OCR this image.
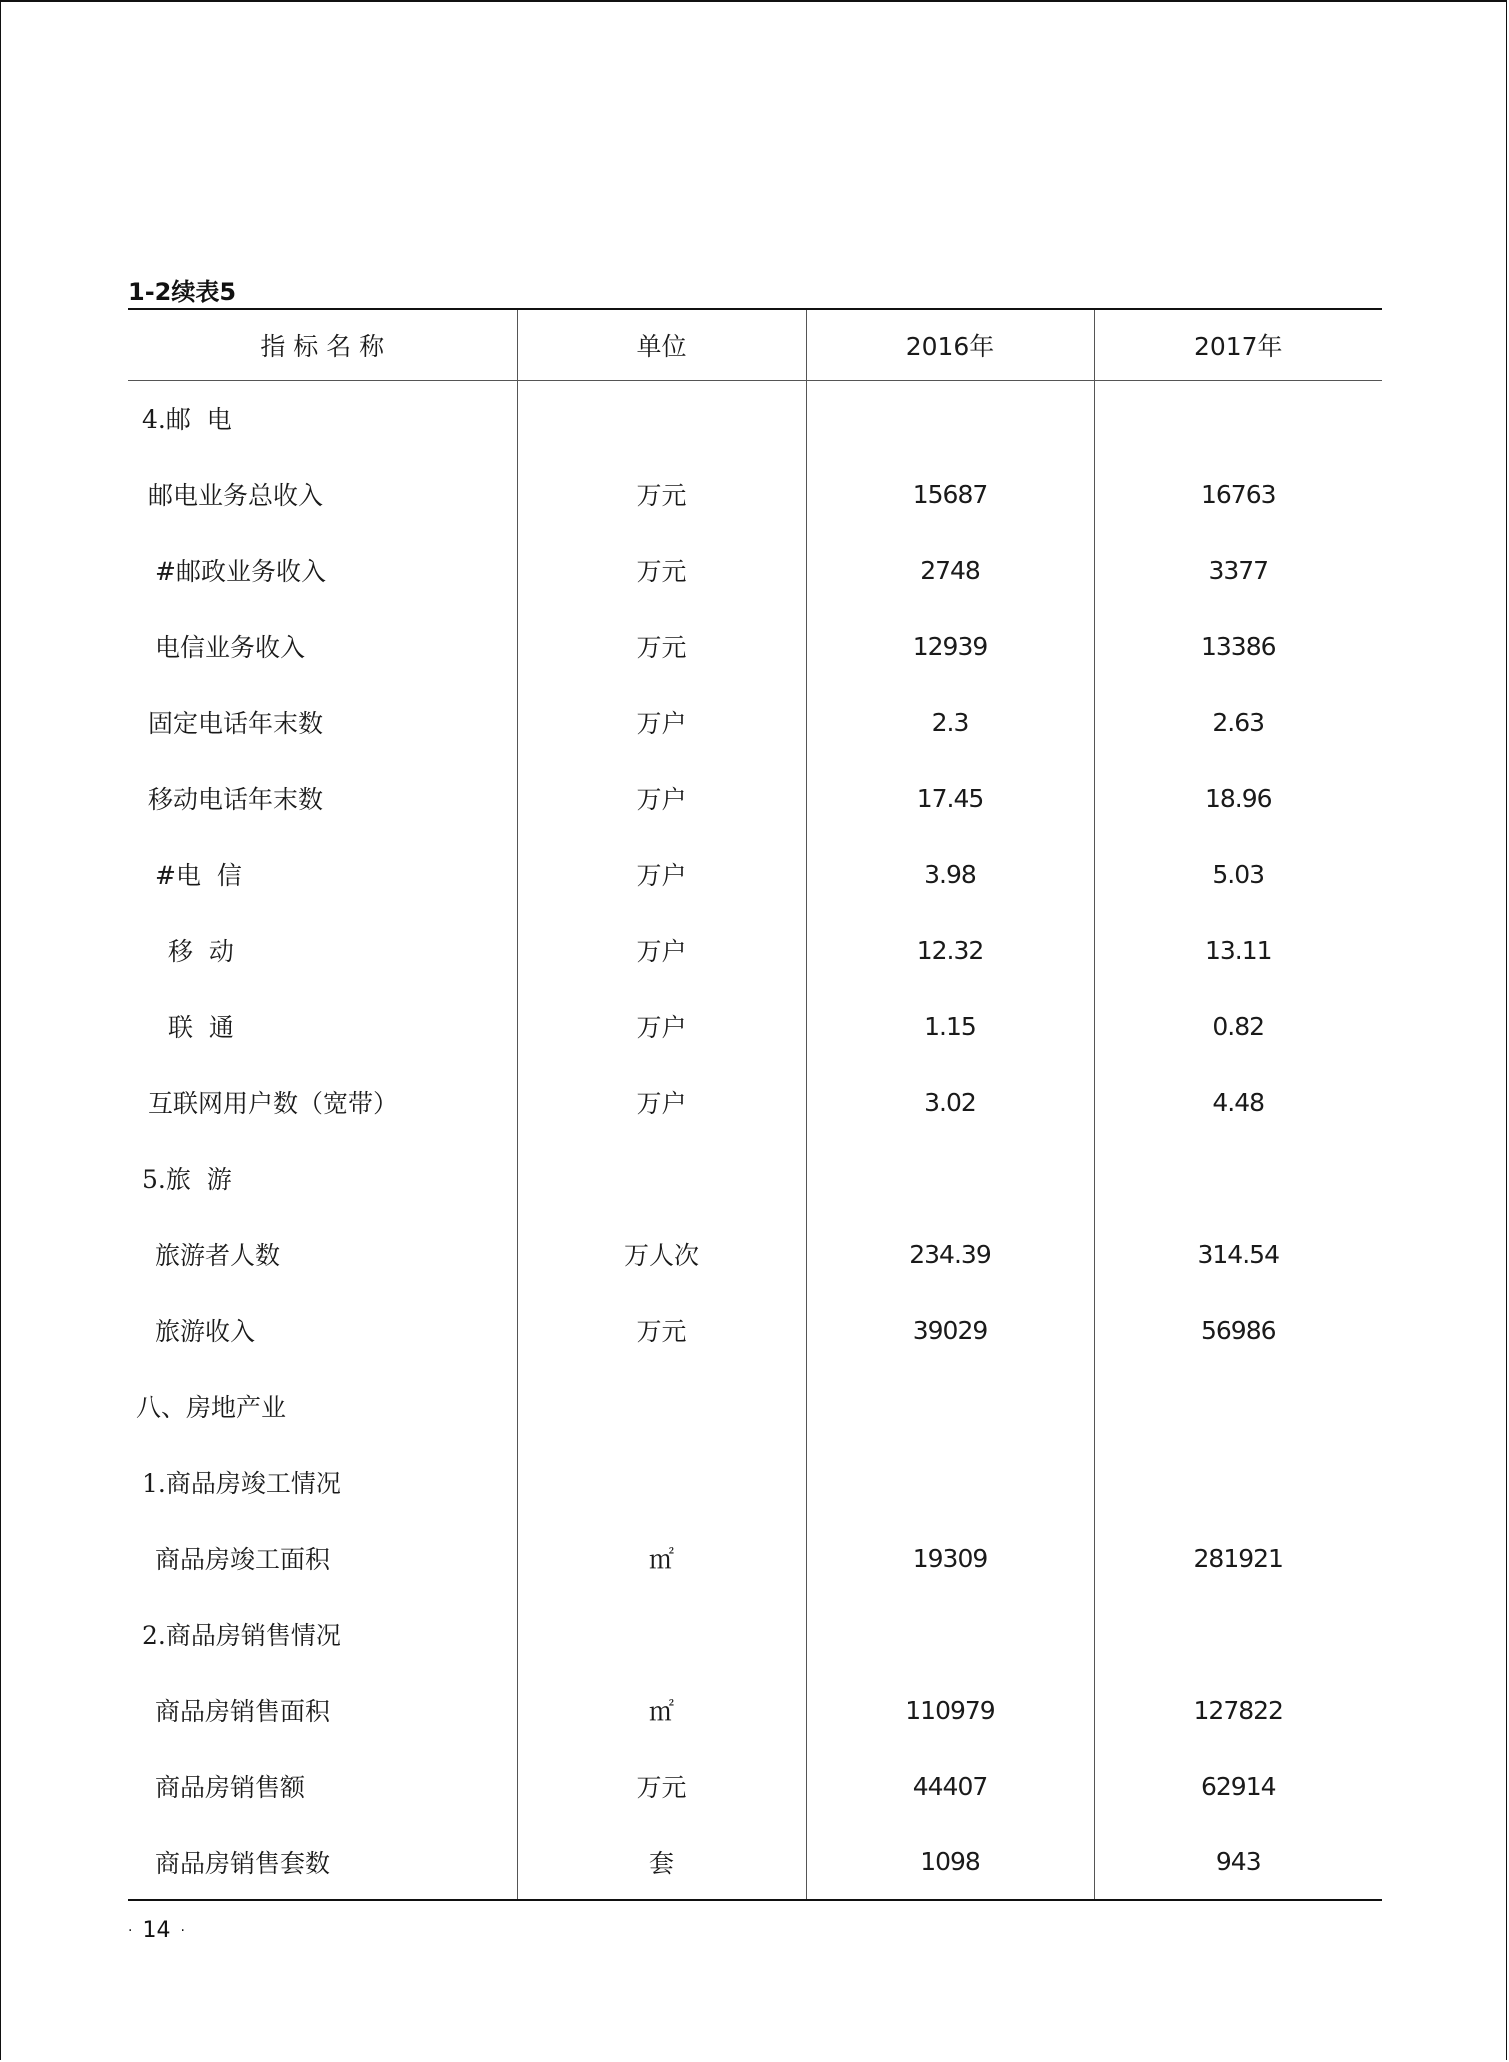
1-2续表5
指 标 名 称	单位	2016年	2017年
4.邮  电			
邮电业务总收入	万元	15687	16763
#邮政业务收入	万元	2748	3377
电信业务收入	万元	12939	13386
固定电话年末数	万户	2.3	2.63
移动电话年末数	万户	17.45	18.96
#电  信	万户	3.98	5.03
移  动	万户	12.32	13.11
联  通	万户	1.15	0.82
互联网用户数（宽带）	万户	3.02	4.48
5.旅  游			
旅游者人数	万人次	234.39	314.54
旅游收入	万元	39029	56986
八、房地产业			
1.商品房竣工情况			
商品房竣工面积	㎡	19309	281921
2.商品房销售情况			
商品房销售面积	㎡	110979	127822
商品房销售额	万元	44407	62914
商品房销售套数	套	1098	943
· 14 ·
